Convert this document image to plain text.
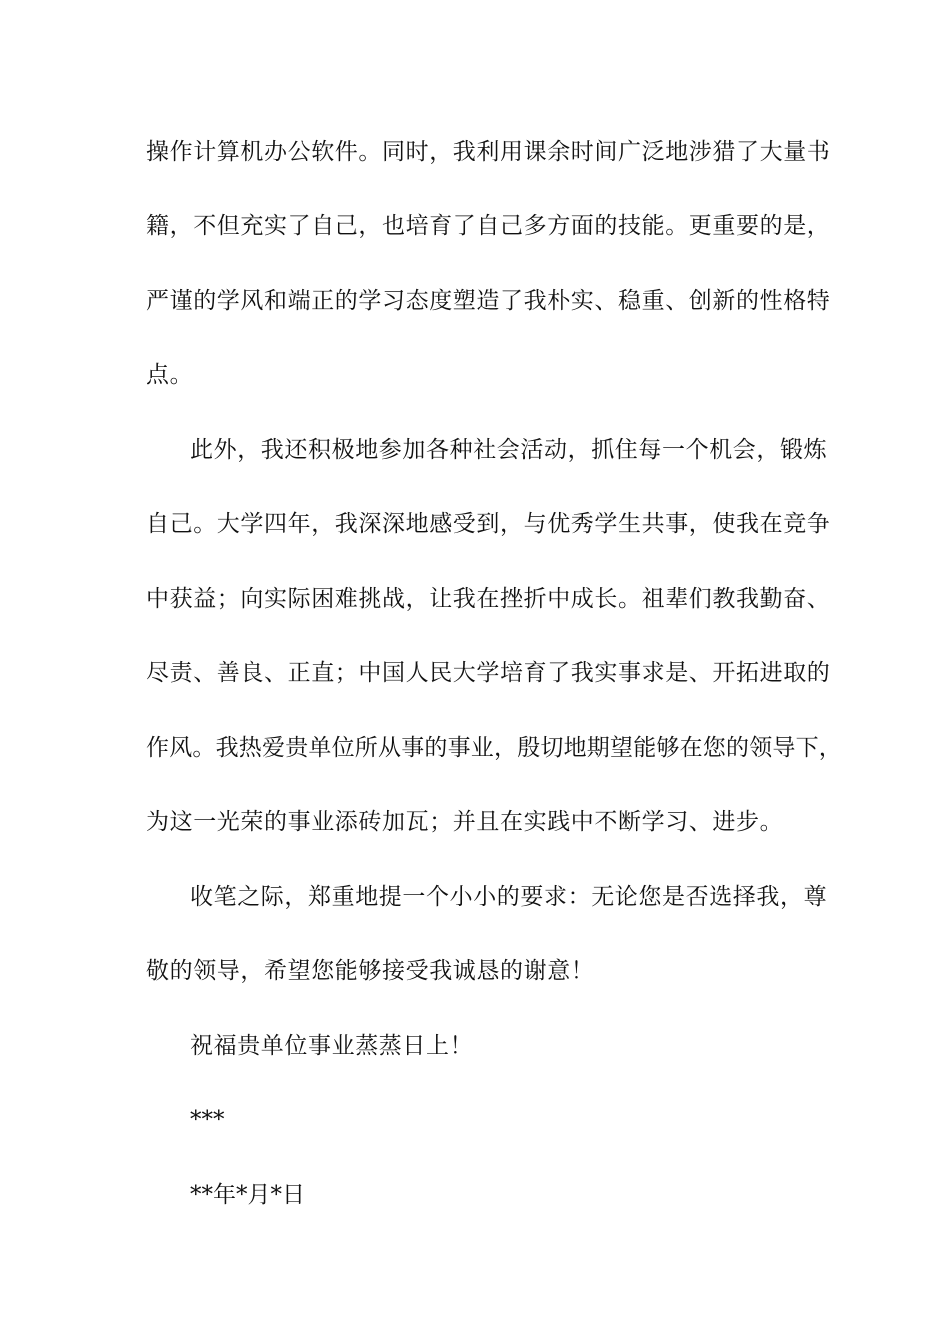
操作计算机办公软件。同时，我利用课余时间广泛地涉猎了大量书
籍，不但充实了自己，也培育了自己多方面的技能。更重要的是，
严谨的学风和端正的学习态度塑造了我朴实、稳重、创新的性格特
点。
此外，我还积极地参加各种社会活动，抓住每一个机会，锻炼
自己。大学四年，我深深地感受到，与优秀学生共事，使我在竞争
中获益；向实际困难挑战，让我在挫折中成长。祖辈们教我勤奋、
尽责、善良、正直；中国人民大学培育了我实事求是、开拓进取的
作风。我热爱贵单位所从事的事业，殷切地期望能够在您的领导下，
为这一光荣的事业添砖加瓦；并且在实践中不断学习、进步。
收笔之际，郑重地提一个小小的要求：无论您是否选择我，尊
敬的领导，希望您能够接受我诚恳的谢意！
祝福贵单位事业蒸蒸日上！
***
**年*月*日
